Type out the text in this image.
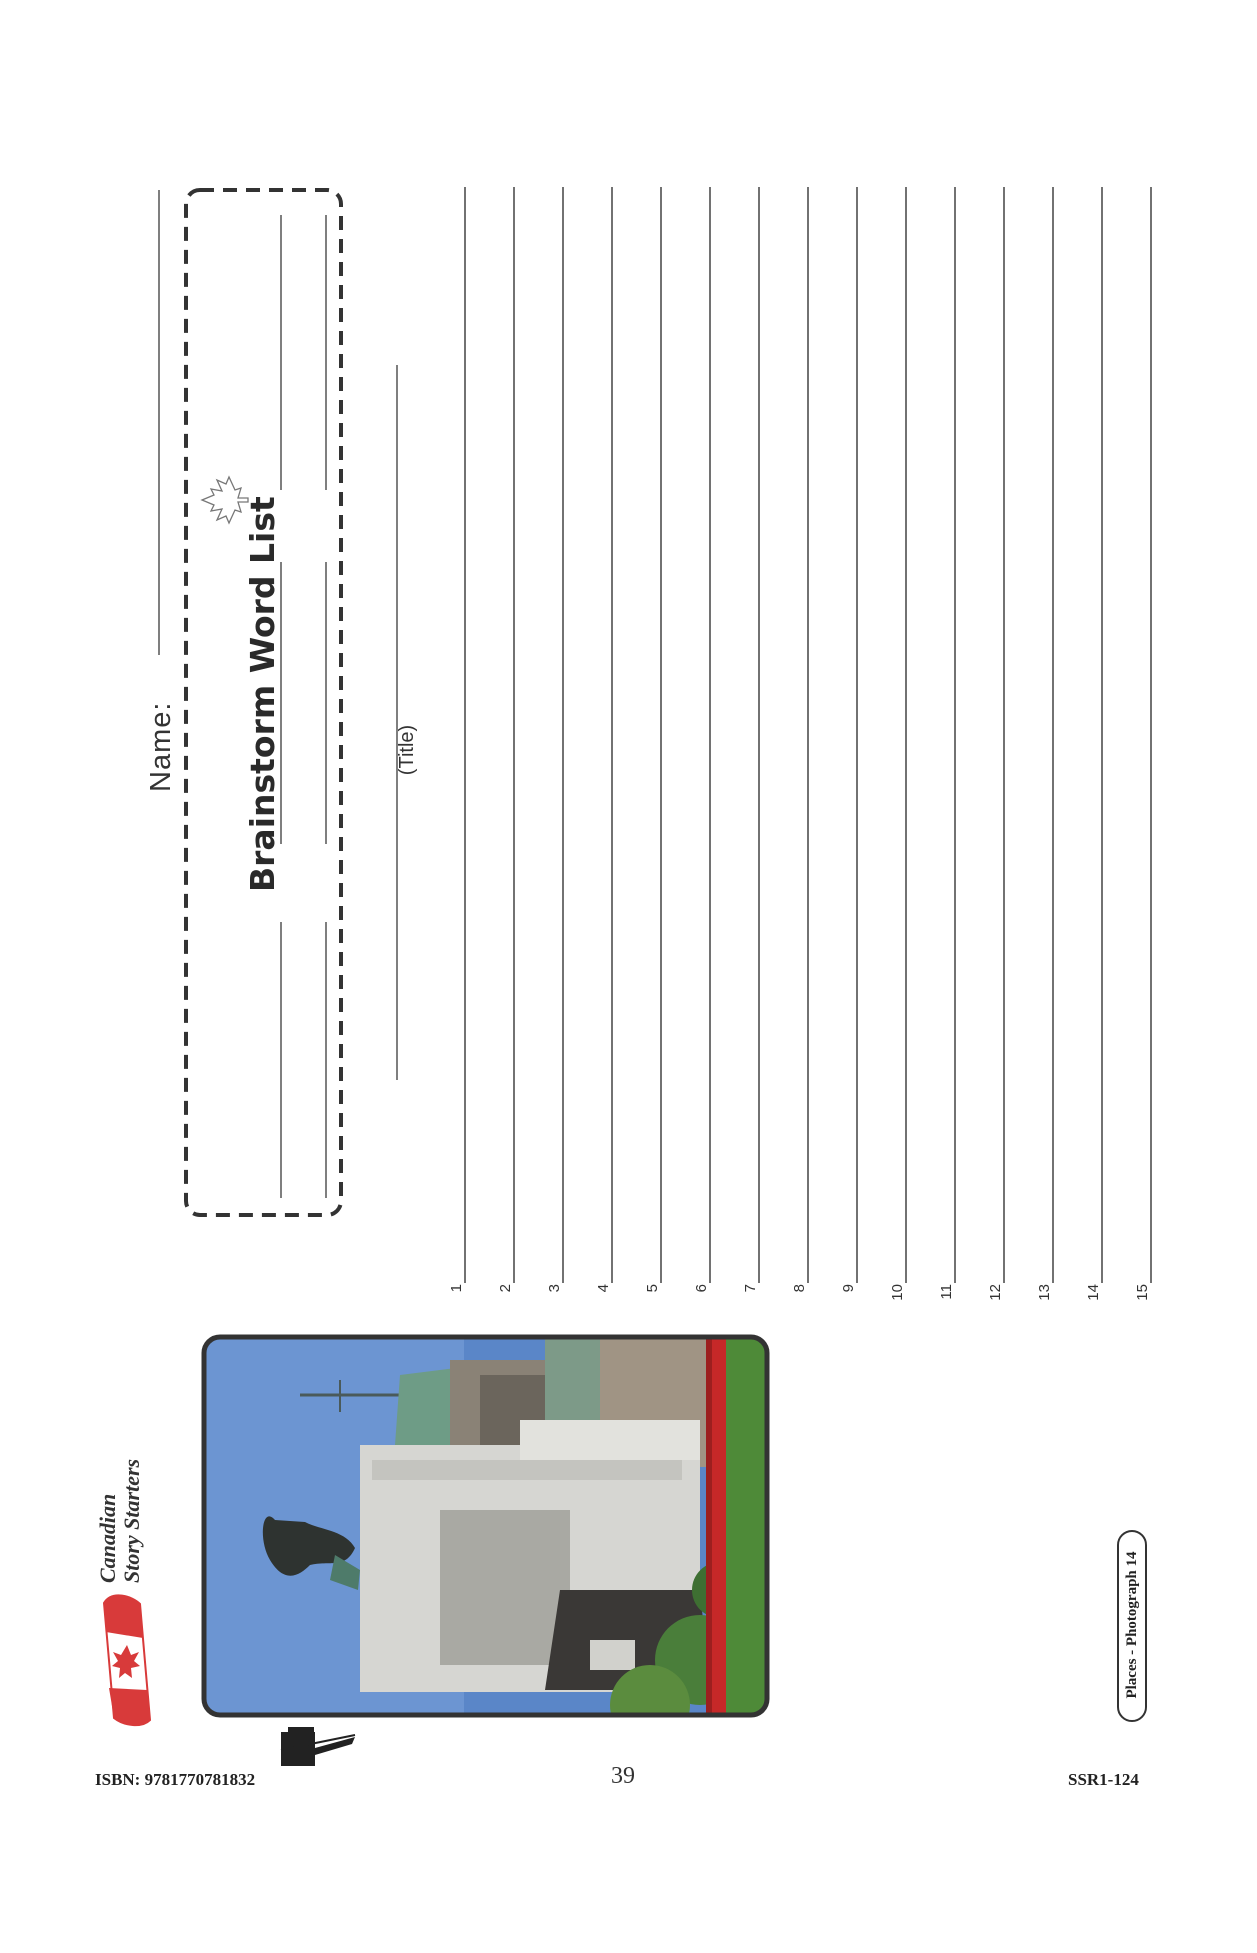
Name: Brainstorm Word List	(Title)
1 2 3 4 5 6 7 8 9 10 11 12 13 14 15
Canadian Story Starters
Places - Photograph 14
ISBN: 9781770781832	39	SSR1-124
